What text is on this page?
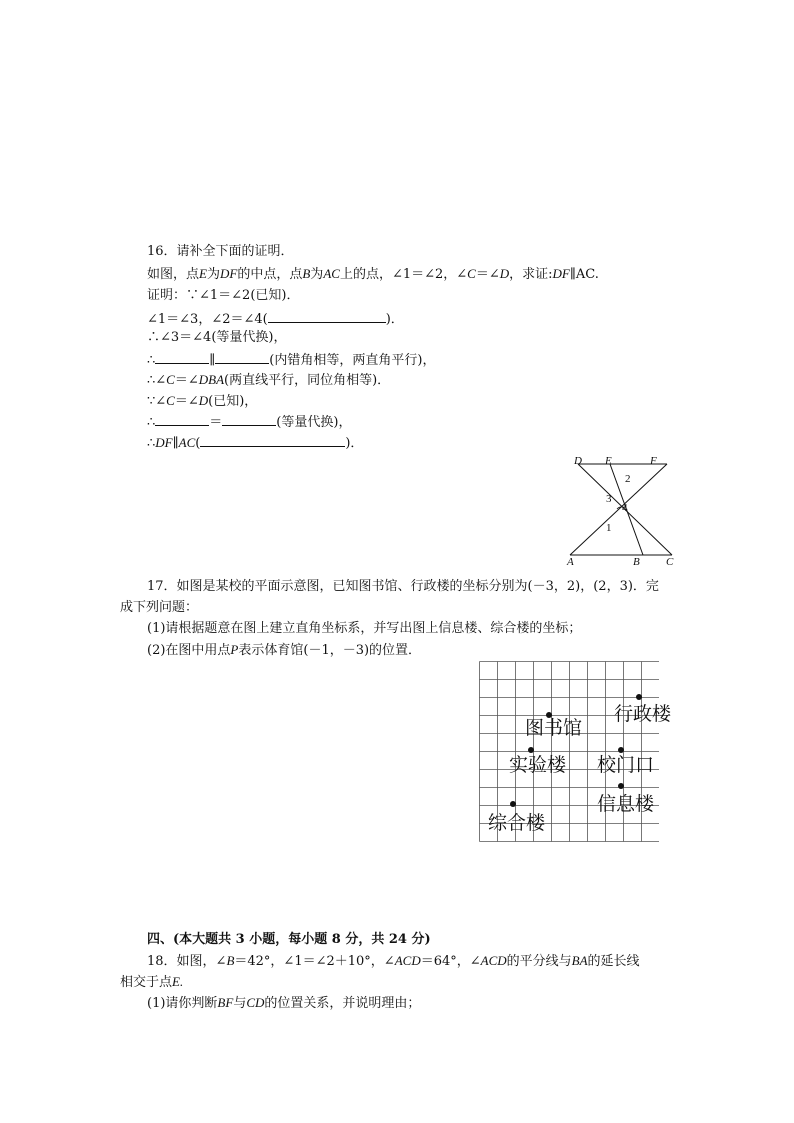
16．请补全下面的证明．
如图，点E为DF的中点，点B为AC上的点，∠1＝∠2，∠C＝∠D，求证:DF∥AC.
证明：∵∠1＝∠2(已知)．
∠1＝∠3，∠2＝∠4(	)．
∴∠3＝∠4(等量代换)，
∴	∥	(内错角相等，两直角平行)，
∴∠C＝∠DBA(两直线平行，同位角相等)．
∵∠C＝∠D(已知)，
∴	＝	(等量代换)，
∴DF∥AC(	)．
D E	F
A	B C
2
3
4
1
17．如图是某校的平面示意图，已知图书馆、行政楼的坐标分别为(－3，2)，(2，3)．完
成下列问题：
(1)请根据题意在图上建立直角坐标系，并写出图上信息楼、综合楼的坐标；
(2)在图中用点P表示体育馆(－1，－3)的位置．
图书馆
行政楼
实验楼 校门口
信息楼
综合楼
四、(本大题共 3 小题，每小题 8 分，共 24 分)
18．如图，∠B＝42°，∠1＝∠2＋10°，∠ACD＝64°，∠ACD的平分线与BA的延长线
相交于点E.
(1)请你判断BF与CD的位置关系，并说明理由；
